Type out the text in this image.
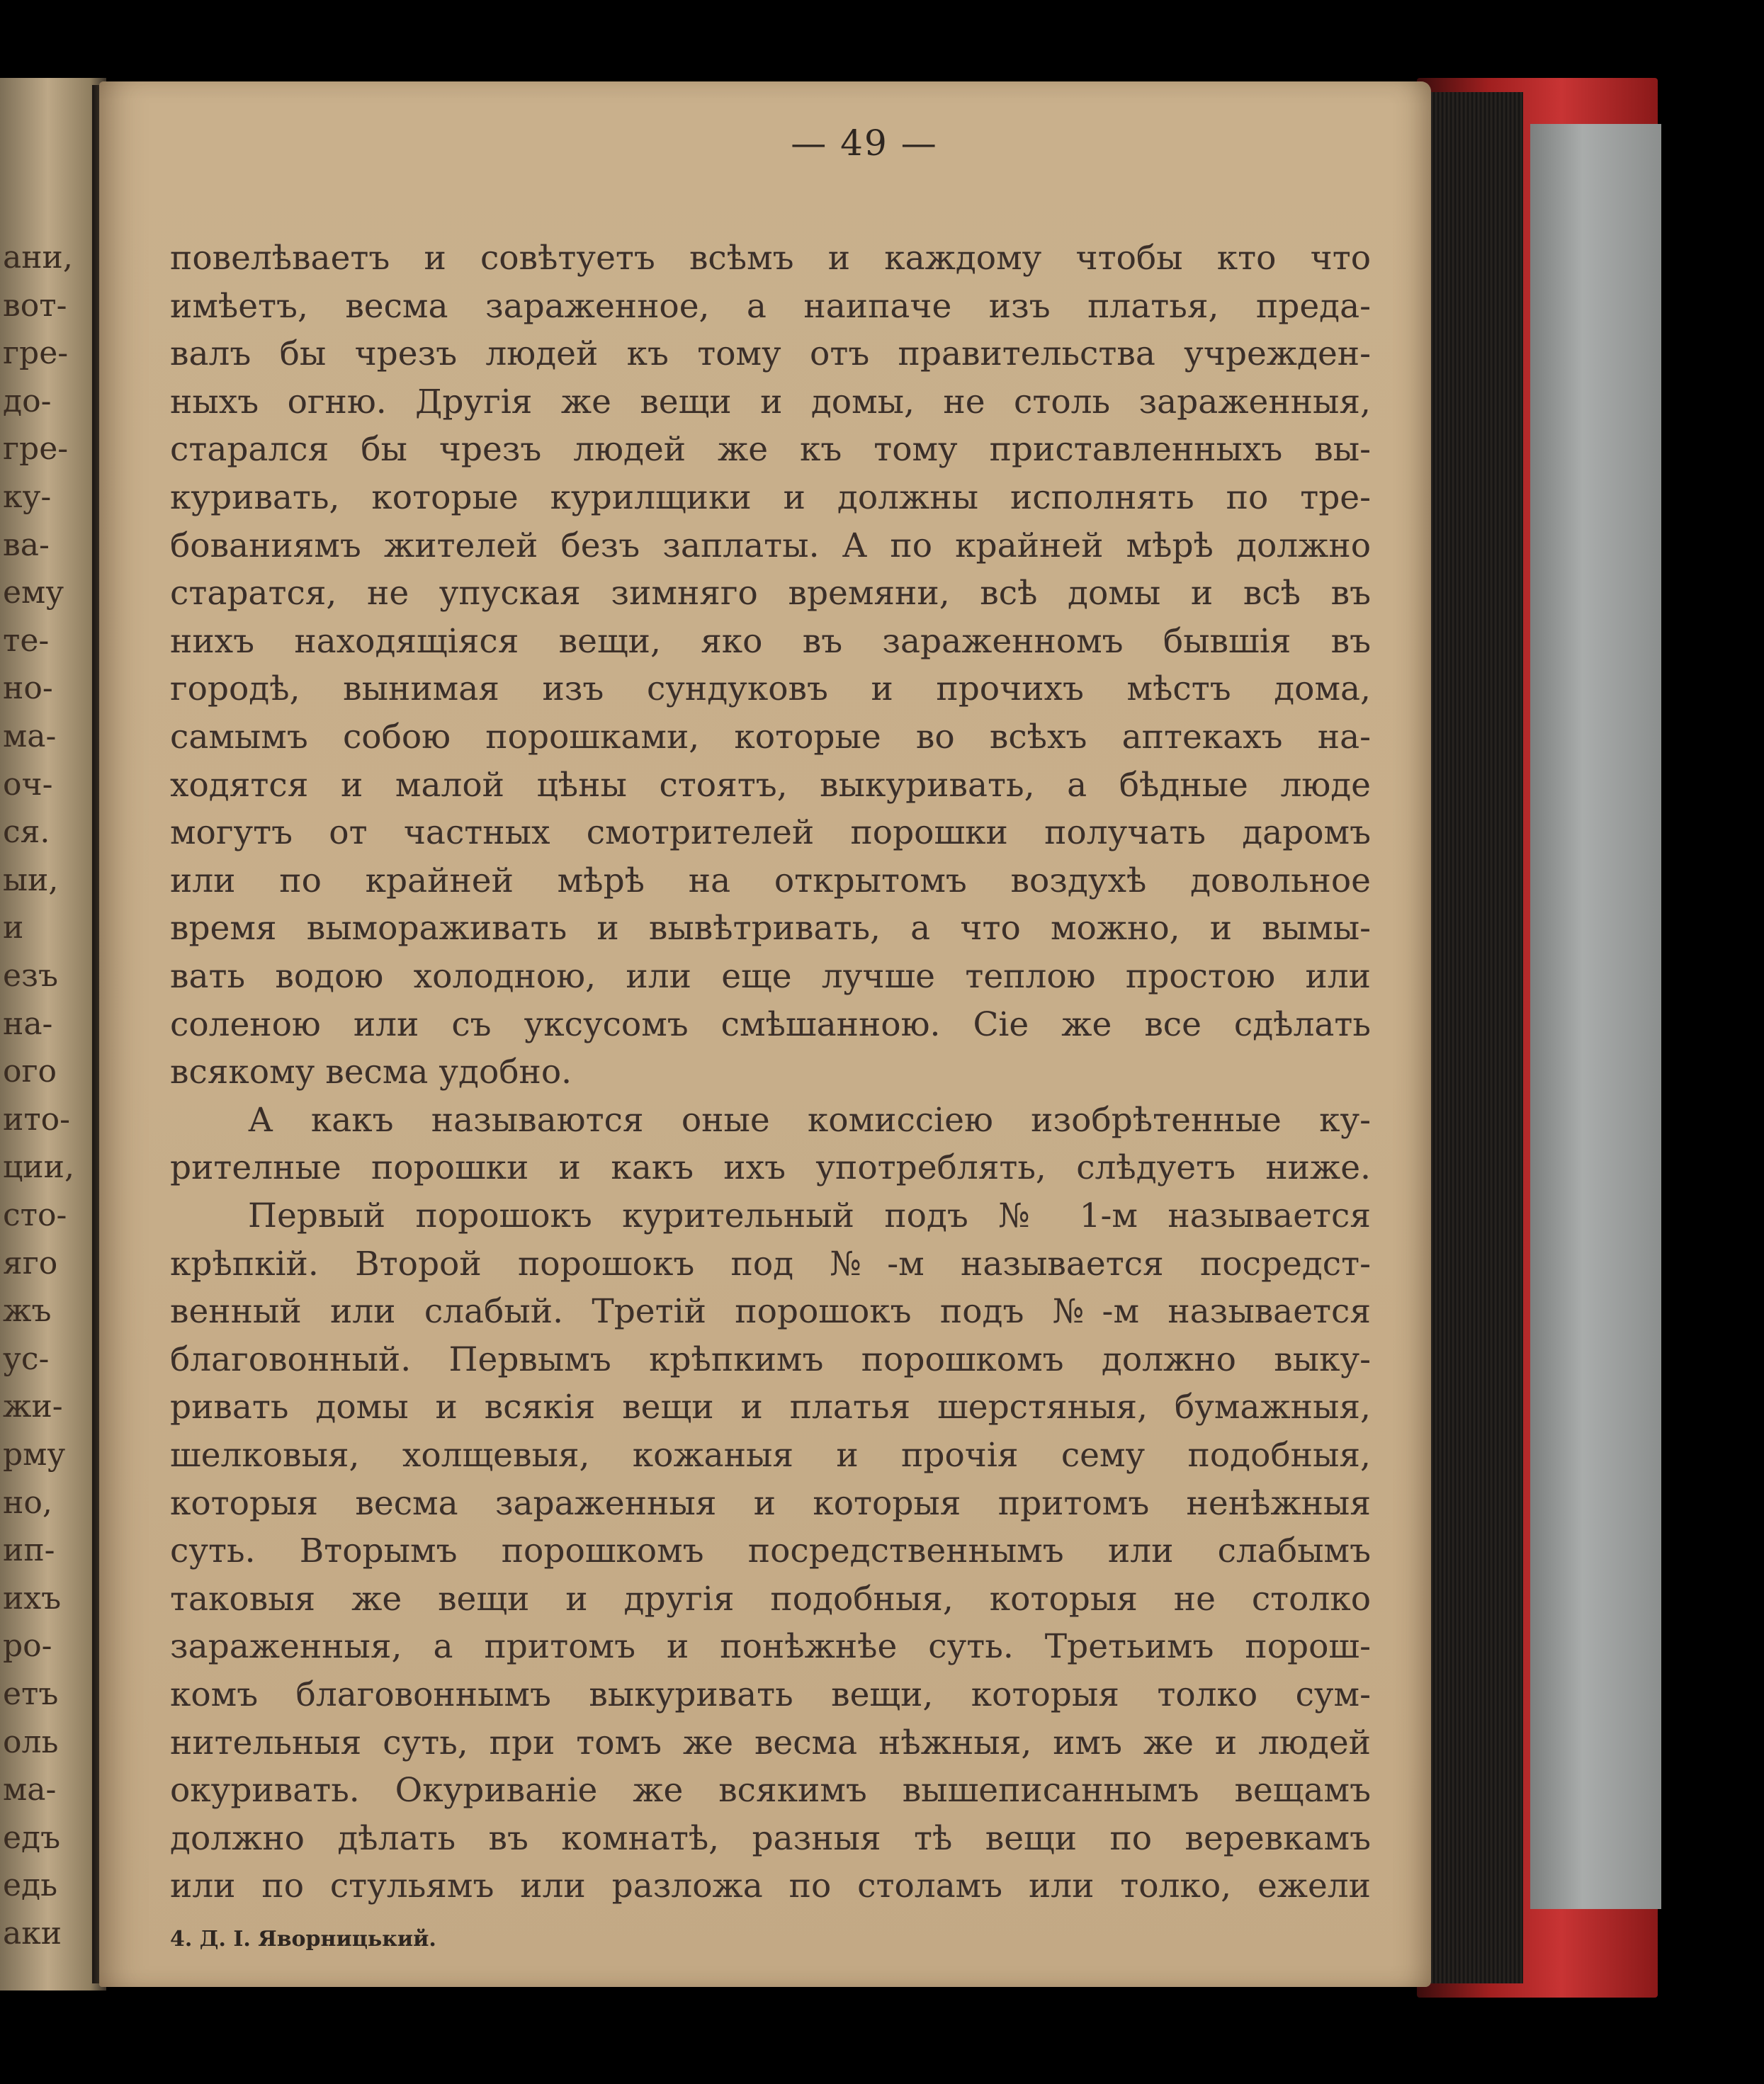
ани,
вот-
гре-
до-
гре-
ку-
ва-
ему
те-
но-
ма-
оч-
ся.
ыи,
и
езъ
на-
ого
ито-
ции,
сто-
яго
жъ
ус-
жи-
рму
но,
ип-
ихъ
ро-
етъ
оль
ма-
едъ
едь
аки
— 49 —
повелѣваетъ и совѣтуетъ всѣмъ и каждому чтобы кто что
имѣетъ, весма зараженное, а наипаче изъ платья, преда-
валъ бы чрезъ людей къ тому отъ правительства учрежден-
ныхъ огню. Другія же вещи и домы, не столь зараженныя,
старался бы чрезъ людей же къ тому приставленныхъ вы-
куривать, которые курилщики и должны исполнять по тре-
бованиямъ жителей безъ заплаты. А по крайней мѣрѣ должно
старатся, не упуская зимняго времяни, всѣ домы и всѣ въ
нихъ находящіяся вещи, яко въ зараженномъ бывшія въ
городѣ, вынимая изъ сундуковъ и прочихъ мѣстъ дома,
самымъ собою порошками, которые во всѣхъ аптекахъ на-
ходятся и малой цѣны стоятъ, выкуривать, а бѣдные люде
могутъ от частных смотрителей порошки получать даромъ
или по крайней мѣрѣ на открытомъ воздухѣ довольное
время вымораживать и вывѣтривать, а что можно, и вымы-
вать водою холодною, или еще лучше теплою простою или
соленою или съ уксусомъ смѣшанною. Сіе же все сдѣлать
всякому весма удобно.
А какъ называются оные комиссіею изобрѣтенные ку-
рителные порошки и какъ ихъ употреблять, слѣдуетъ ниже.
Первый порошокъ курительный подъ № 1-м называется
крѣпкій. Второй порошокъ под №-м называется посредст-
венный или слабый. Третій порошокъ подъ №-м называется
благовонный. Первымъ крѣпкимъ порошкомъ должно выку-
ривать домы и всякія вещи и платья шерстяныя, бумажныя,
шелковыя, холщевыя, кожаныя и прочія сему подобныя,
которыя весма зараженныя и которыя притомъ ненѣжныя
суть. Вторымъ порошкомъ посредственнымъ или слабымъ
таковыя же вещи и другія подобныя, которыя не столко
зараженныя, а притомъ и понѣжнѣе суть. Третьимъ порош-
комъ благовоннымъ выкуривать вещи, которыя толко сум-
нительныя суть, при томъ же весма нѣжныя, имъ же и людей
окуривать. Окуриваніе же всякимъ вышеписаннымъ вещамъ
должно дѣлать въ комнатѣ, разныя тѣ вещи по веревкамъ
или по стульямъ или разложа по столамъ или толко, ежели
4. Д. І. Яворницький.
